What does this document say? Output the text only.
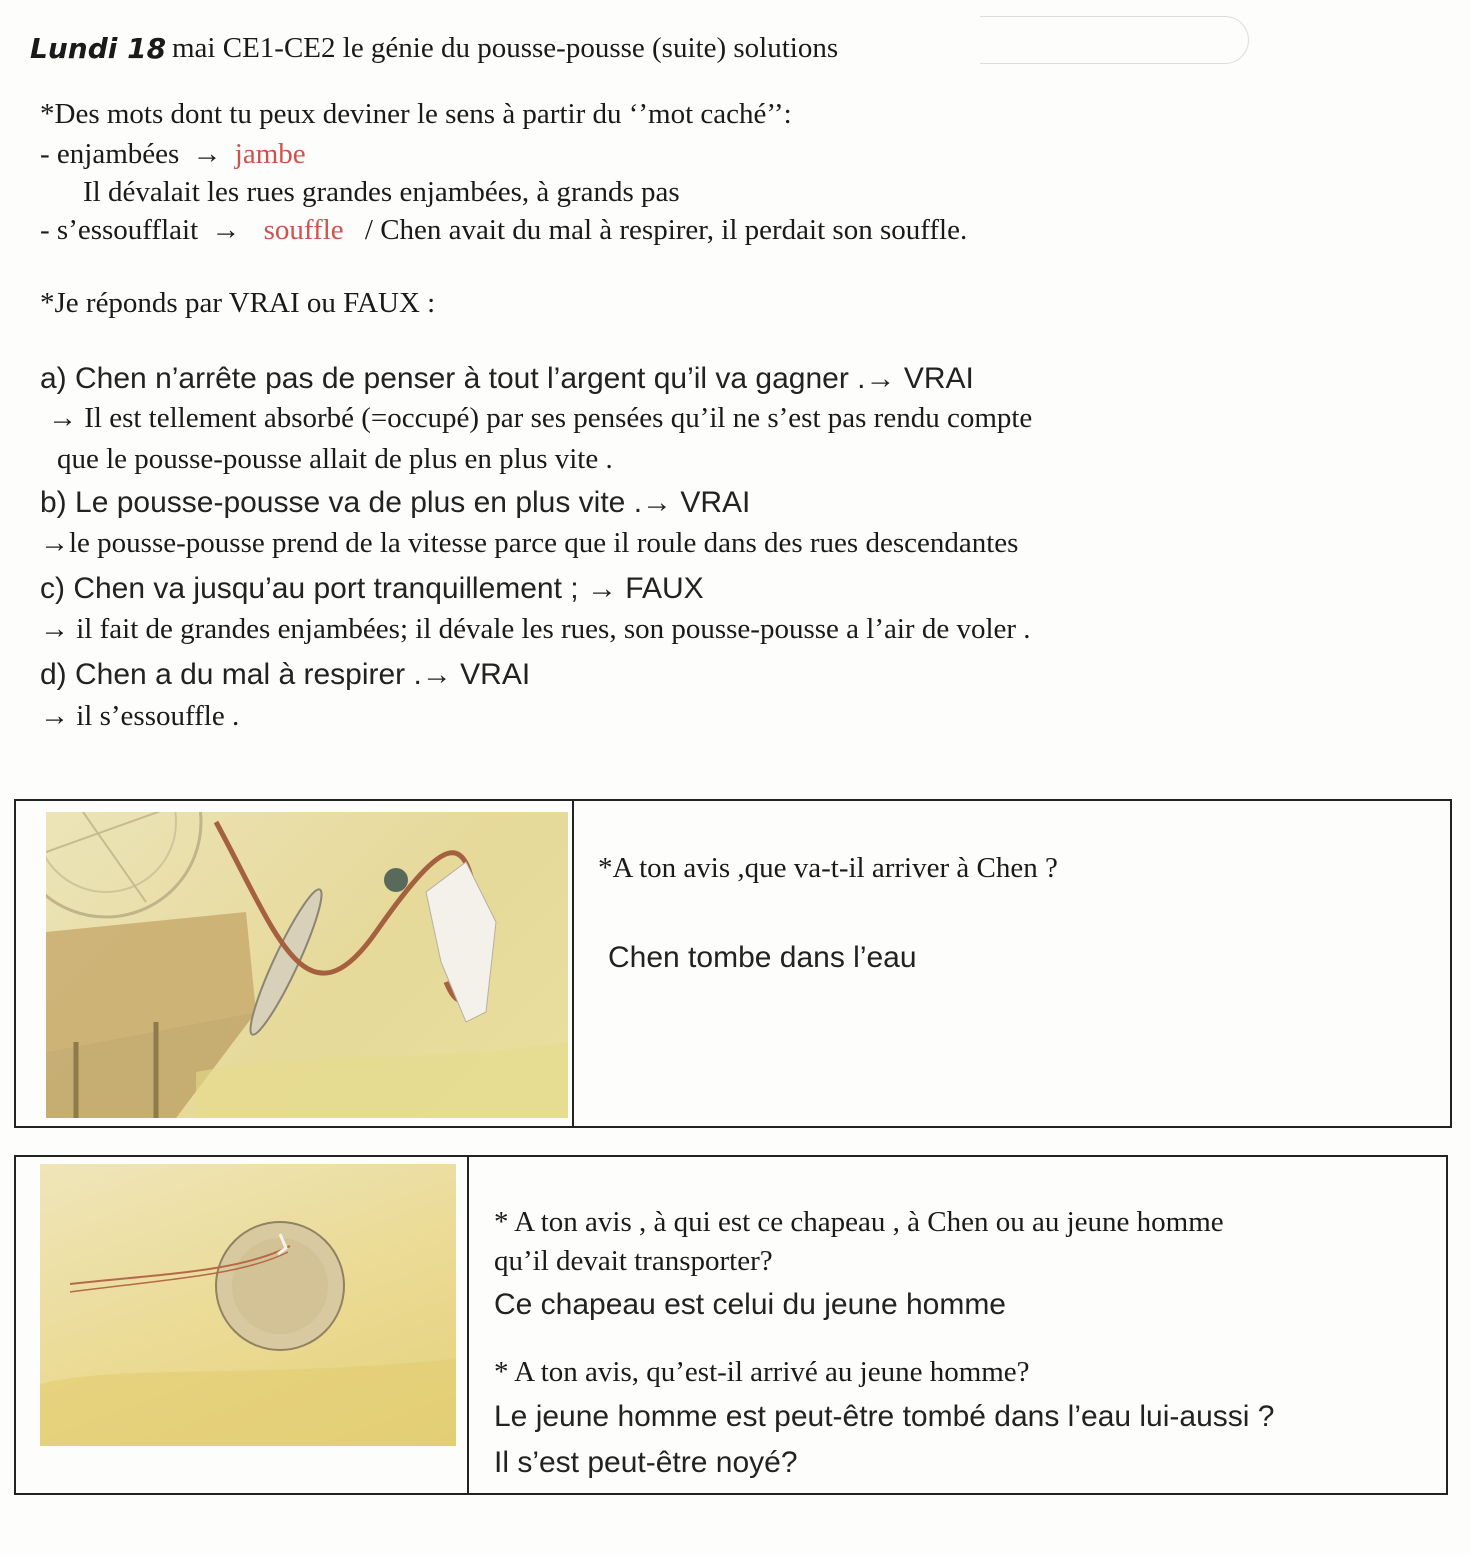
Lundi 18 mai CE1-CE2 le génie du pousse-pousse (suite) solutions
*Des mots dont tu peux deviner le sens à partir du ‘’mot caché’’:
- enjambées → jambe
Il dévalait les rues grandes enjambées, à grands pas
- s’essoufflait → souffle / Chen avait du mal à respirer, il perdait son souffle.
*Je réponds par VRAI ou FAUX :
a) Chen n’arrête pas de penser à tout l’argent qu’il va gagner .→ VRAI
→ Il est tellement absorbé (=occupé) par ses pensées qu’il ne s’est pas rendu compte
que le pousse-pousse allait de plus en plus vite .
b) Le pousse-pousse va de plus en plus vite .→ VRAI
→le pousse-pousse prend de la vitesse parce que il roule dans des rues descendantes
c) Chen va jusqu’au port tranquillement ; → FAUX
→ il fait de grandes enjambées; il dévale les rues, son pousse-pousse a l’air de voler .
d) Chen a du mal à respirer .→ VRAI
→ il s’essouffle .
*A ton avis ,que va-t-il arriver à Chen ?
Chen tombe dans l’eau
* A ton avis , à qui est ce chapeau , à Chen ou au jeune homme
qu’il devait transporter?
Ce chapeau est celui du jeune homme
* A ton avis, qu’est-il arrivé au jeune homme?
Le jeune homme est peut-être tombé dans l’eau lui-aussi ?
Il s’est peut-être noyé?
